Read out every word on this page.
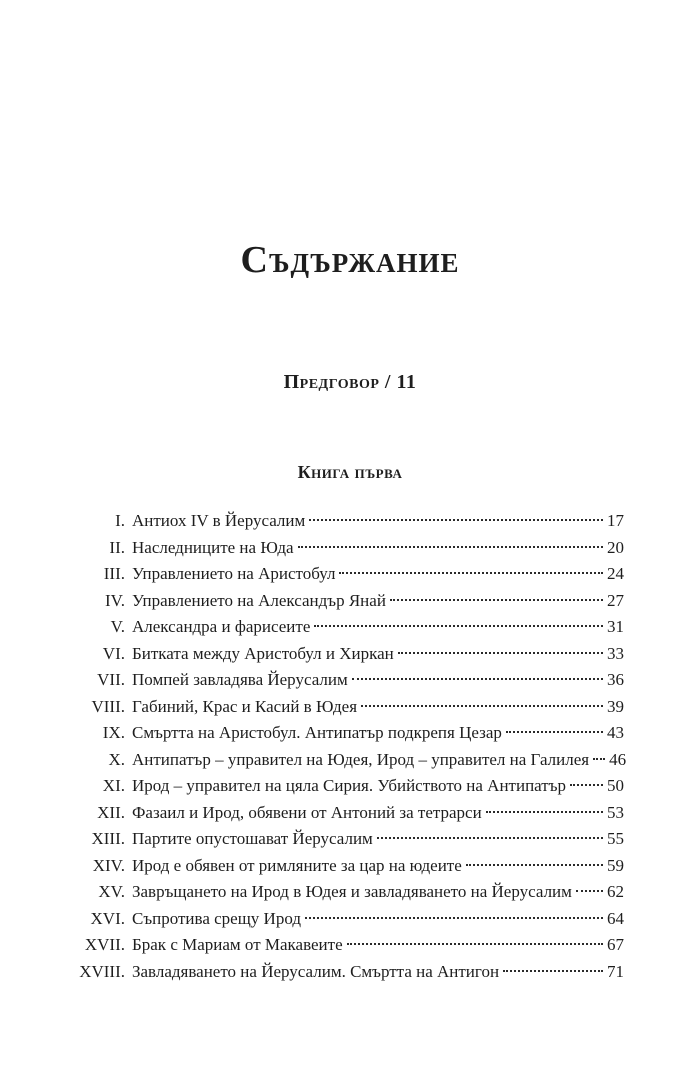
Съдържание
Предговор / 11
Книга първа
I. Антиох IV в Йерусалим	17
II. Наследниците на Юда	20
III. Управлението на Аристобул	24
IV. Управлението на Александър Янай	27
V. Александра и фарисеите	31
VI. Битката между Аристобул и Хиркан	33
VII. Помпей завладява Йерусалим	36
VIII. Габиний, Крас и Касий в Юдея	39
IX. Смъртта на Аристобул. Антипатър подкрепя Цезар	43
X. Антипатър – управител на Юдея, Ирод – управител на Галилея 46
XI. Ирод – управител на цяла Сирия. Убийството на Антипатър 50
XII. Фазаил и Ирод, обявени от Антоний за тетрарси	53
XIII. Партите опустошават Йерусалим	55
XIV. Ирод е обявен от римляните за цар на юдеите	59
XV. Завръщането на Ирод в Юдея и завладяването на Йерусалим 62
XVI. Съпротива срещу Ирод	64
XVII. Брак с Мариам от Макавеите	67
XVIII. Завладяването на Йерусалим. Смъртта на Антигон	71
